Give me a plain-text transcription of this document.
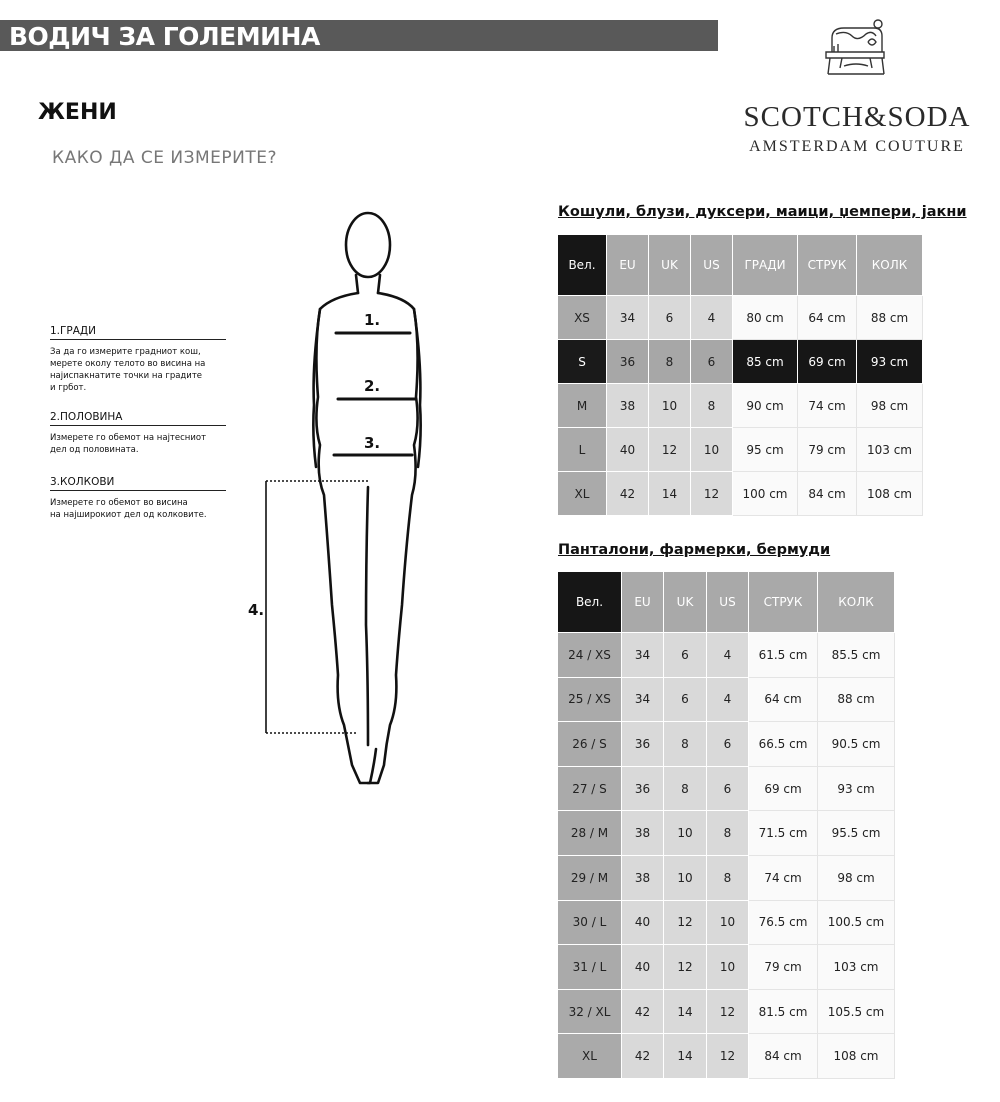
ВОДИЧ ЗА ГОЛЕМИНА
ЖЕНИ
КАКО ДА СЕ ИЗМЕРИТЕ?
SCOTCH&SODA
AMSTERDAM COUTURE
1.ГРАДИ
За да го измерите градниот кош,
мерете околу телото во висина на
најиспакнатите точки на градите
и грбот.
2.ПОЛОВИНА
Измерете го обемот на најтесниот
дел од половината.
3.КОЛКОВИ
Измерете го обемот во висина
на најширокиот дел од колковите.
1.
2.
3.
4.
Кошули, блузи, дуксери, маици, џемпери, јакни
Вел.	EU	UK	US	ГРАДИ	СТРУК	КОЛК
XS	34	6	4	80 cm	64 cm	88 cm
S	36	8	6	85 cm	69 cm	93 cm
M	38	10	8	90 cm	74 cm	98 cm
L	40	12	10	95 cm	79 cm	103 cm
XL	42	14	12	100 cm	84 cm	108 cm
Панталони, фармерки, бермуди
Вел.	EU	UK	US	СТРУК	КОЛК
24 / XS	34	6	4	61.5 cm	85.5 cm
25 / XS	34	6	4	64 cm	88 cm
26 / S	36	8	6	66.5 cm	90.5 cm
27 / S	36	8	6	69 cm	93 cm
28 / M	38	10	8	71.5 cm	95.5 cm
29 / M	38	10	8	74 cm	98 cm
30 / L	40	12	10	76.5 cm	100.5 cm
31 / L	40	12	10	79 cm	103 cm
32 / XL	42	14	12	81.5 cm	105.5 cm
XL	42	14	12	84 cm	108 cm
